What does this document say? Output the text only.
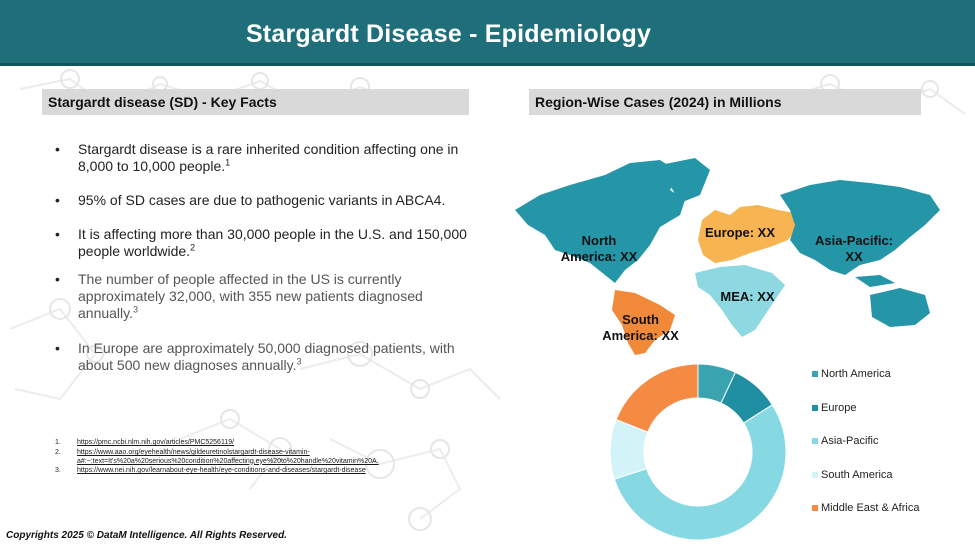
Stargardt Disease - Epidemiology
Stargardt disease (SD) - Key Facts
•	Stargardt disease is a rare inherited condition affecting one in 8,000 to 10,000 people.$^1$
•	95% of SD cases are due to pathogenic variants in ABCA4.
•	It is affecting more than 30,000 people in the U.S. and 150,000 people worldwide.$^2$
•	The number of people affected in the US is currently approximately 32,000, with 355 new patients diagnosed annually.$^3$
•	In Europe are approximately 50,000 diagnosed patients, with about 500 new diagnoses annually.$^3$
1.	https://pmc.ncbi.nlm.nih.gov/articles/PMC5256119/
2.	https://www.aao.org/eyehealth/news/gildeuretinolstargardt-disease-vitamin-a#:~:text=It's%20a%20serious%20condition%20affecting,eye%20to%20handle%20vitamin%20A.
3.	https://www.nei.nih.gov/learnabout-eye-health/eye-conditions-and-diseases/stargardt-disease
Region-Wise Cases (2024) in Millions
North America: XX
Europe: XX
Asia-Pacific: XX
MEA: XX
South America: XX
North America
Europe
Asia-Pacific
South America
Middle East & Africa
Copyrights 2025 © DataM Intelligence. All Rights Reserved.
